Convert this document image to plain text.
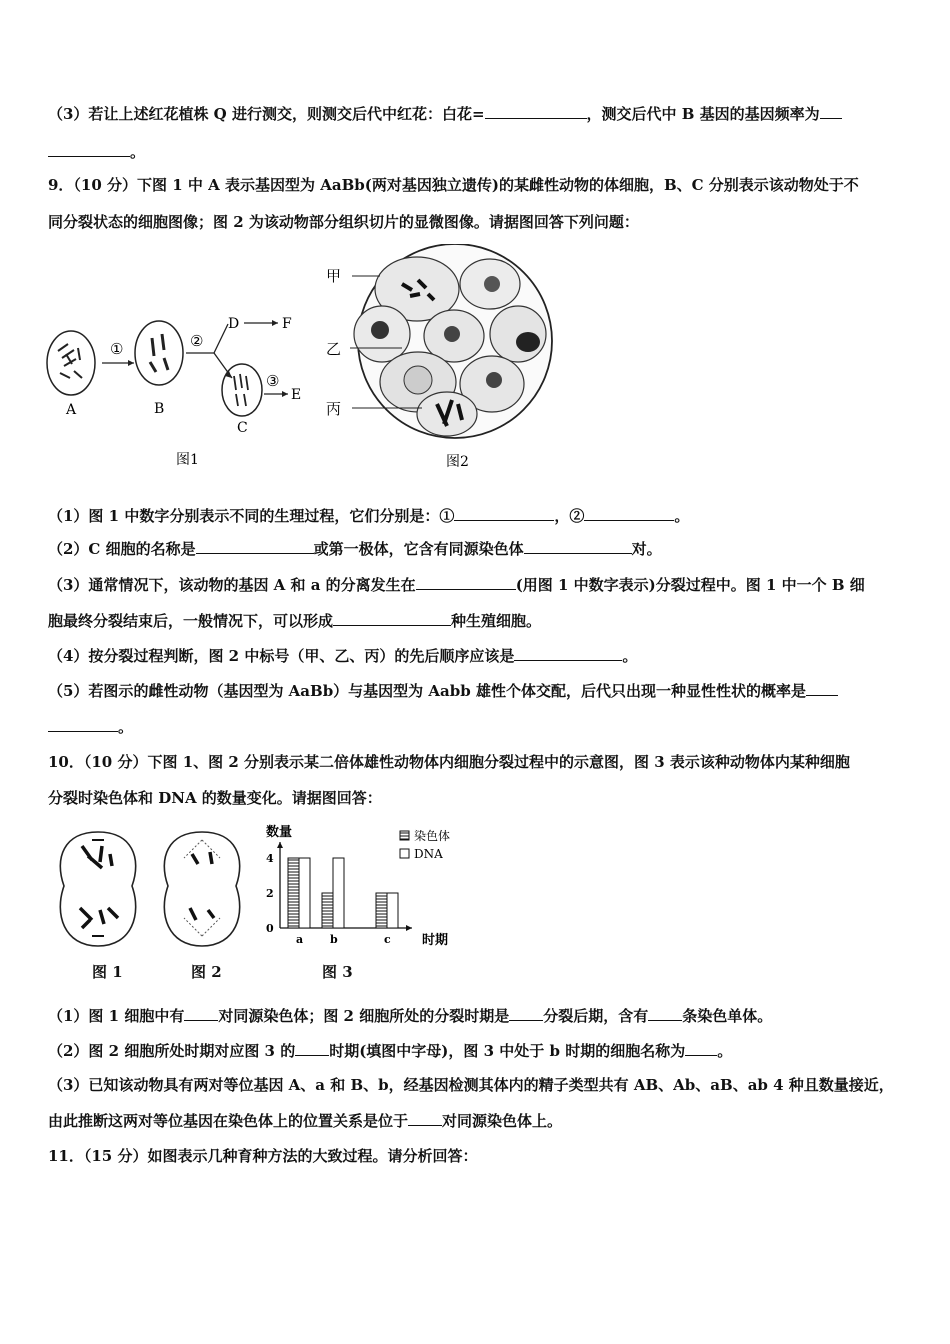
（3）若让上述红花植株 Q 进行测交，则测交后代中红花：白花=	，测交后代中 B 基因的基因频率为
。
9．（10 分）下图 1 中 A 表示基因型为 AaBb(两对基因独立遗传)的某雌性动物的体细胞，B、C 分别表示该动物处于不
同分裂状态的细胞图像；图 2 为该动物部分组织切片的显微图像。请据图回答下列问题：
A
①
B
②
D	F
C
③
E
图1
甲
乙
丙
图2
（1）图 1 中数字分别表示不同的生理过程，它们分别是：①	，②	。
（2）C 细胞的名称是	或第一极体，它含有同源染色体	对。
（3）通常情况下，该动物的基因 A 和 a 的分离发生在	(用图 1 中数字表示)分裂过程中。图 1 中一个 B 细
胞最终分裂结束后，一般情况下，可以形成	种生殖细胞。
（4）按分裂过程判断，图 2 中标号（甲、乙、丙）的先后顺序应该是	。
（5）若图示的雌性动物（基因型为 AaBb）与基因型为 Aabb 雄性个体交配，后代只出现一种显性性状的概率是
。
10．（10 分）下图 1、图 2 分别表示某二倍体雄性动物体内细胞分裂过程中的示意图，图 3 表示该种动物体内某种细胞
分裂时染色体和 DNA 的数量变化。请据图回答：
图 1	图 2
数量
时期
染色体
DNA
0
2
4
a b	c
图 3
（1）图 1 细胞中有 对同源染色体；图 2 细胞所处的分裂时期是 分裂后期，含有 条染色单体。
（2）图 2 细胞所处时期对应图 3 的 时期(填图中字母)，图 3 中处于 b 时期的细胞名称为 。
（3）已知该动物具有两对等位基因 A、a 和 B、b，经基因检测其体内的精子类型共有 AB、Ab、aB、ab 4 种且数量接近，
由此推断这两对等位基因在染色体上的位置关系是位于 对同源染色体上。
11．（15 分）如图表示几种育种方法的大致过程。请分析回答：
